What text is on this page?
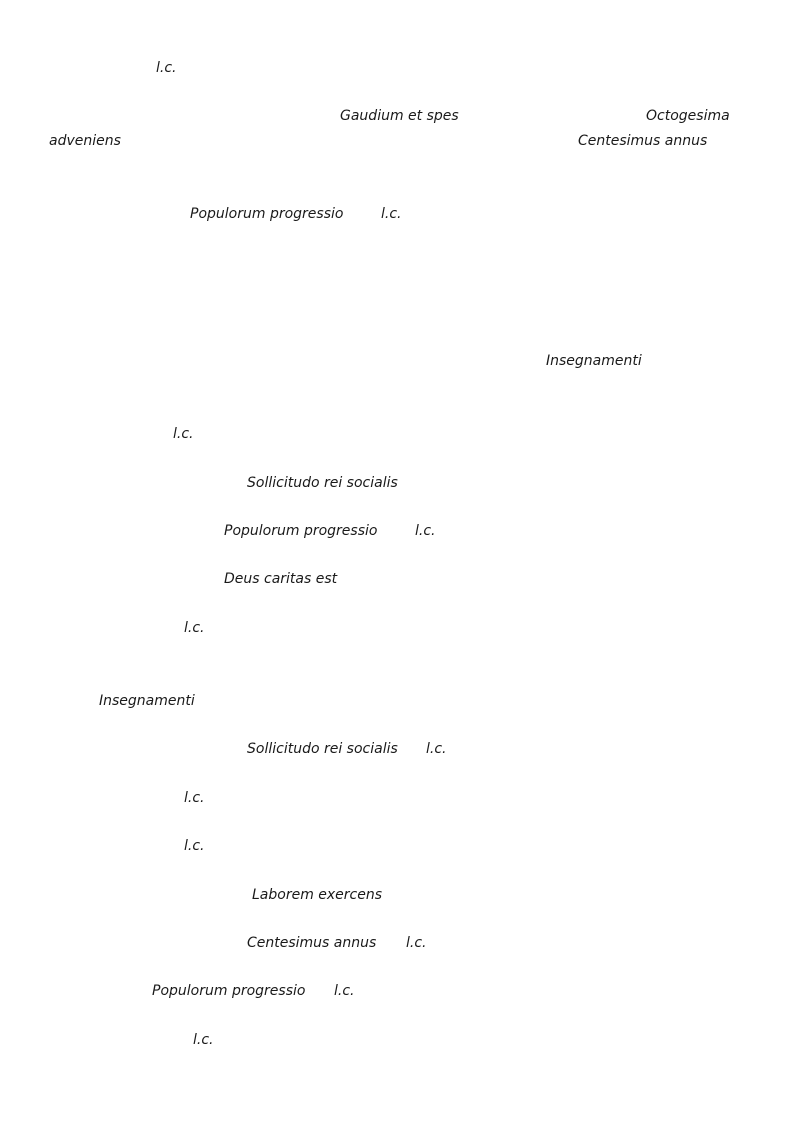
l.c.
Gaudium et spes	Octogesima
adveniens	Centesimus annus
Populorum progressio	l.c.
Insegnamenti
l.c.
Sollicitudo rei socialis
Populorum progressio	l.c.
Deus caritas est
l.c.
Insegnamenti
Sollicitudo rei socialis l.c.
l.c.
l.c.
Laborem exercens
Centesimus annus l.c.
Populorum progressio l.c.
l.c.
